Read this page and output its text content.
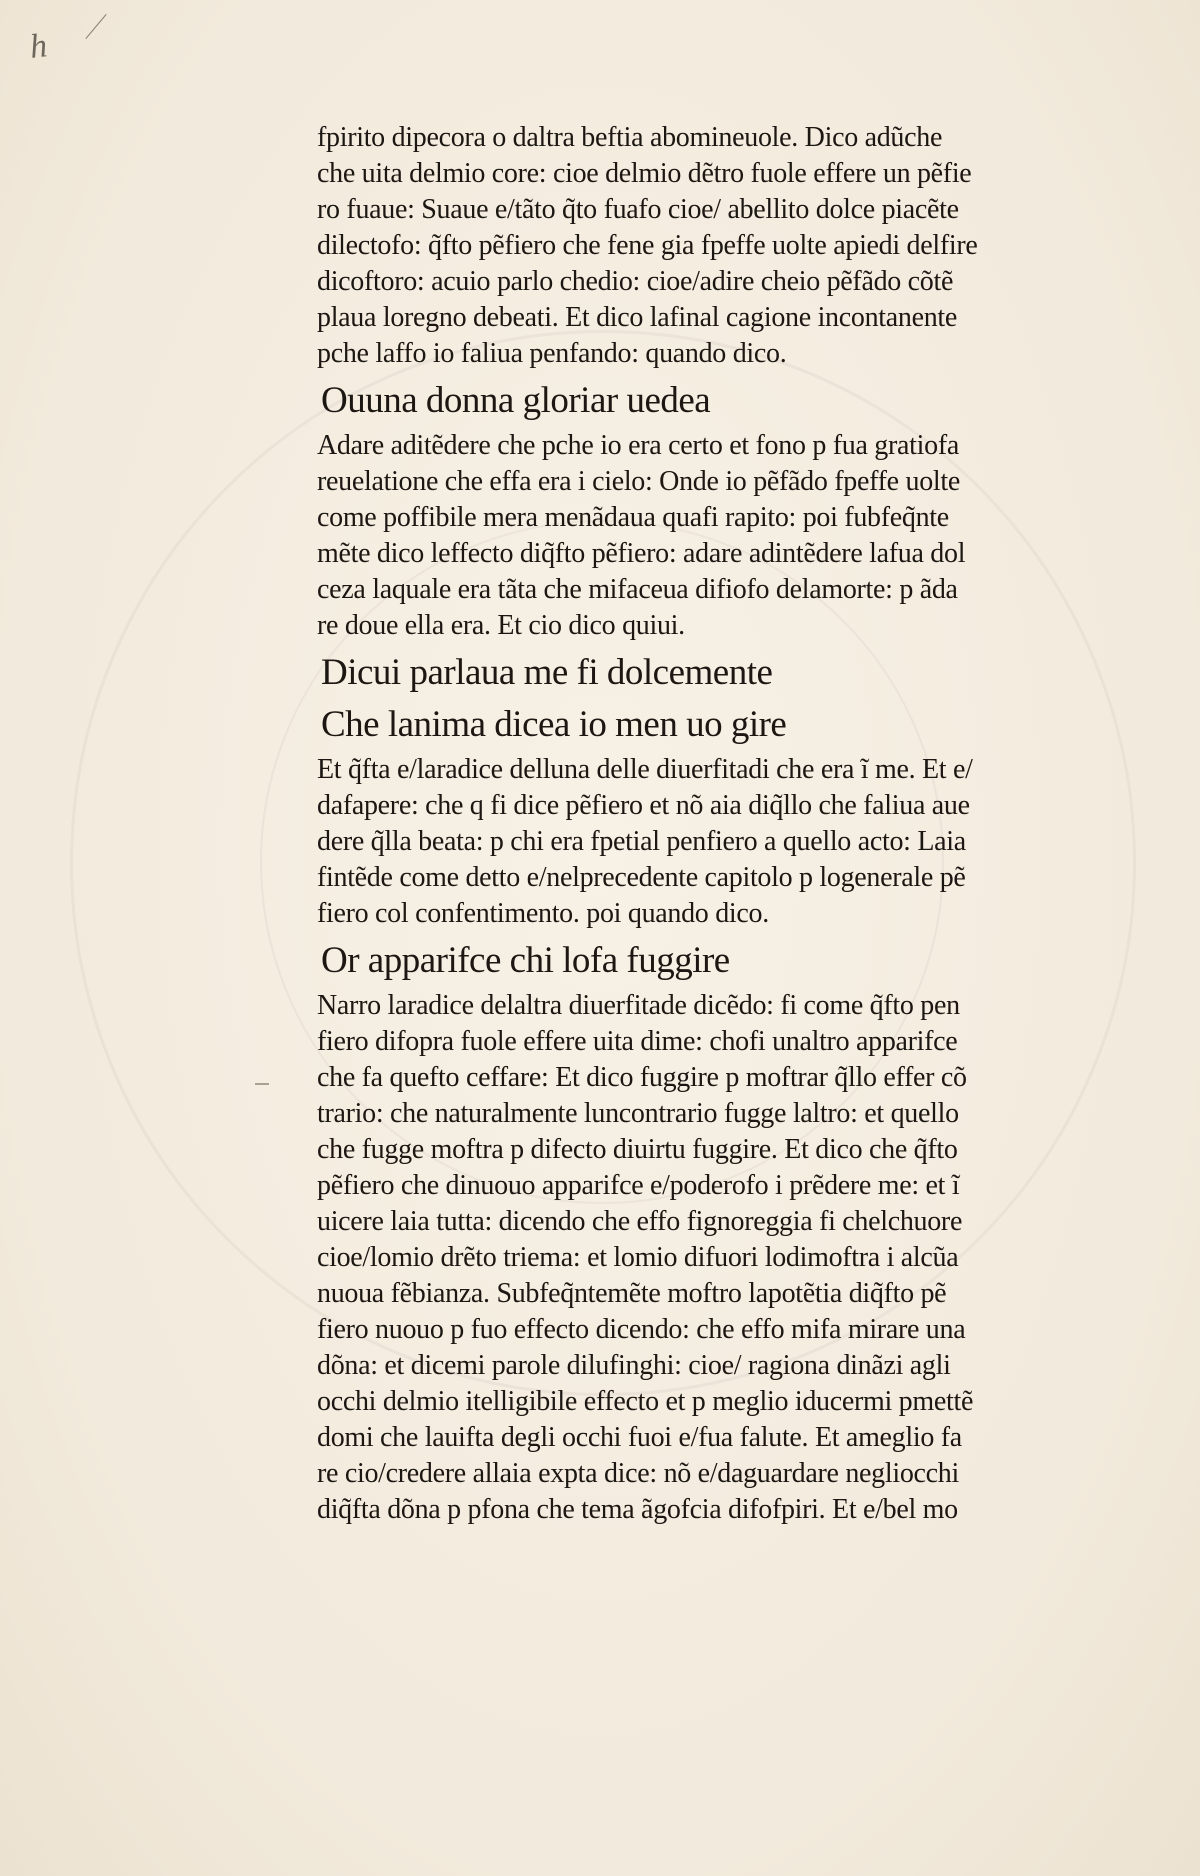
h
fpirito dipecora o daltra beftia abomineuole. Dico adũche
che uita delmio core: cioe delmio dẽtro fuole effere un pẽfie
ro fuaue: Suaue e/tãto q̃to fuafo cioe/ abellito dolce piacẽte
dilectofo: q̃fto pẽfiero che fene gia fpeffe uolte apiedi delfire
dicoftoro: acuio parlo chedio: cioe/adire cheio pẽfãdo cõtẽ
plaua loregno debeati. Et dico lafinal cagione incontanente
pche laffo io faliua penfando: quando dico.
Ouuna donna gloriar uedea
Adare aditẽdere che pche io era certo et fono p fua gratiofa
reuelatione che effa era i cielo: Onde io pẽfãdo fpeffe uolte
come poffibile mera menãdaua quafi rapito: poi fubfeq̃nte
mẽte dico leffecto diq̃fto pẽfiero: adare adintẽdere lafua dol
ceza laquale era tãta che mifaceua difiofo delamorte: p ãda
re doue ella era. Et cio dico quiui.
Dicui parlaua me fi dolcemente
Che lanima dicea io men uo gire
Et q̃fta e/laradice delluna delle diuerfitadi che era ĩ me. Et e/
dafapere: che q fi dice pẽfiero et nõ aia diq̃llo che faliua aue
dere q̃lla beata: p chi era fpetial penfiero a quello acto: Laia
fintẽde come detto e/nelprecedente capitolo p logenerale pẽ
fiero col confentimento. poi quando dico.
Or apparifce chi lofa fuggire
Narro laradice delaltra diuerfitade dicẽdo: fi come q̃fto pen
fiero difopra fuole effere uita dime: chofi unaltro apparifce
che fa quefto ceffare: Et dico fuggire p moftrar q̃llo effer cõ
trario: che naturalmente luncontrario fugge laltro: et quello
che fugge moftra p difecto diuirtu fuggire. Et dico che q̃fto
pẽfiero che dinuouo apparifce e/poderofo i prẽdere me: et ĩ
uicere laia tutta: dicendo che effo fignoreggia fi chelchuore
cioe/lomio drẽto triema: et lomio difuori lodimoftra i alcũa
nuoua fẽbianza. Subfeq̃ntemẽte moftro lapotẽtia diq̃fto pẽ
fiero nuouo p fuo effecto dicendo: che effo mifa mirare una
dõna: et dicemi parole dilufinghi: cioe/ ragiona dinãzi agli
occhi delmio itelligibile effecto et p meglio iducermi pmettẽ
domi che lauifta degli occhi fuoi e/fua falute. Et ameglio fa
re cio/credere allaia expta dice: nõ e/daguardare negliocchi
diq̃fta dõna p pfona che tema ãgofcia difofpiri. Et e/bel mo
